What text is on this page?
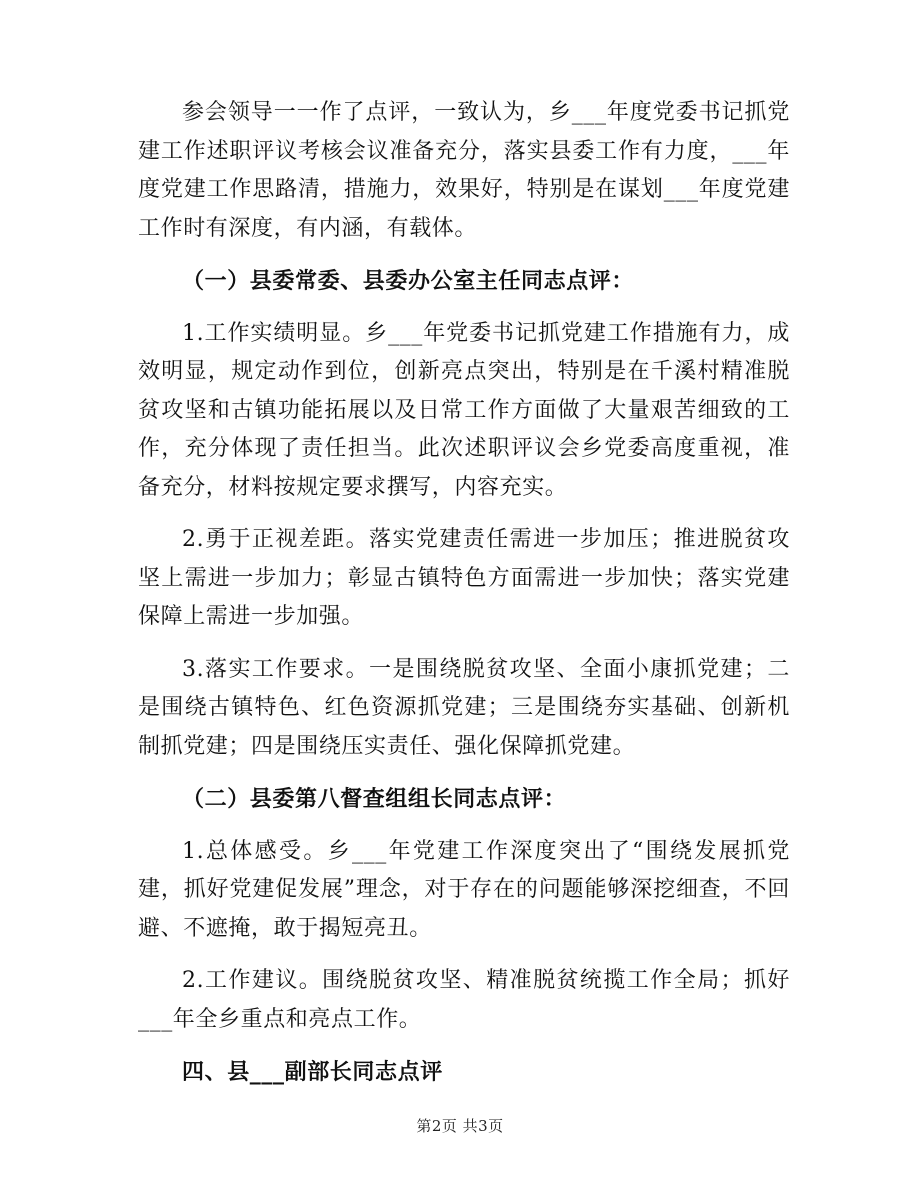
参会领导一一作了点评，一致认为，乡___年度党委书记抓党建工作述职评议考核会议准备充分，落实县委工作有力度，___年度党建工作思路清，措施力，效果好，特别是在谋划___年度党建工作时有深度，有内涵，有载体。

（一）县委常委、县委办公室主任同志点评：

1.工作实绩明显。乡___年党委书记抓党建工作措施有力，成效明显，规定动作到位，创新亮点突出，特别是在千溪村精准脱贫攻坚和古镇功能拓展以及日常工作方面做了大量艰苦细致的工作，充分体现了责任担当。此次述职评议会乡党委高度重视，准备充分，材料按规定要求撰写，内容充实。

2.勇于正视差距。落实党建责任需进一步加压；推进脱贫攻坚上需进一步加力；彰显古镇特色方面需进一步加快；落实党建保障上需进一步加强。

3.落实工作要求。一是围绕脱贫攻坚、全面小康抓党建；二是围绕古镇特色、红色资源抓党建；三是围绕夯实基础、创新机制抓党建；四是围绕压实责任、强化保障抓党建。

（二）县委第八督查组组长同志点评：

1.总体感受。乡___年党建工作深度突出了“围绕发展抓党建，抓好党建促发展”理念，对于存在的问题能够深挖细查，不回避、不遮掩，敢于揭短亮丑。

2.工作建议。围绕脱贫攻坚、精准脱贫统揽工作全局；抓好___年全乡重点和亮点工作。

四、县___副部长同志点评

第2页 共3页
